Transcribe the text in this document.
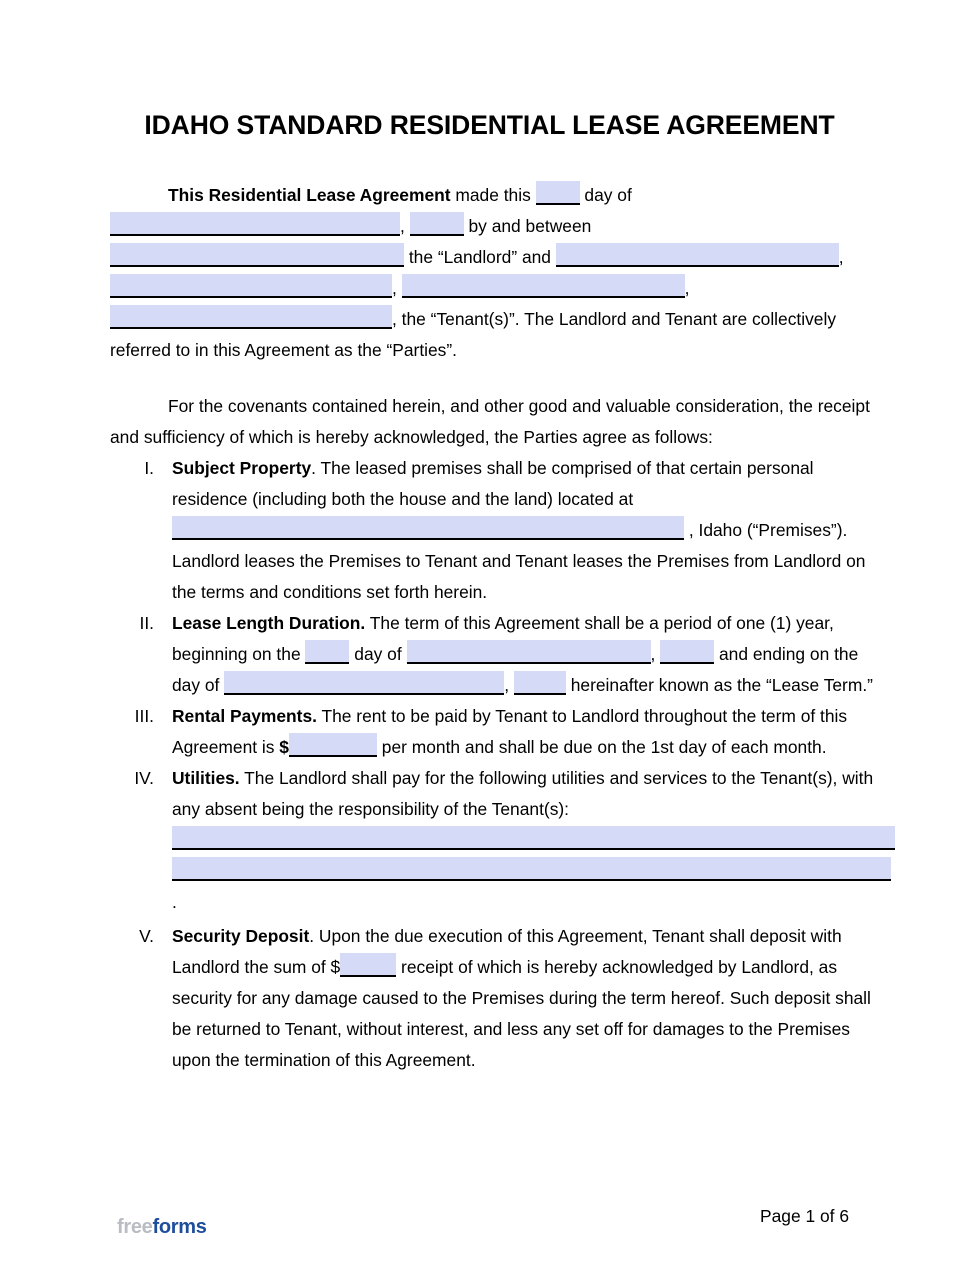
IDAHO STANDARD RESIDENTIAL LEASE AGREEMENT

This Residential Lease Agreement made this	day of ,	by and between  the “Landlord” and	, ,	, , the “Tenant(s)”. The Landlord and Tenant are collectively referred to in this Agreement as the “Parties”.

For the covenants contained herein, and other good and valuable consideration, the receipt and sufficiency of which is hereby acknowledged, the Parties agree as follows:

I. Subject Property. The leased premises shall be comprised of that certain personal residence (including both the house and the land) located at  , Idaho (“Premises”). Landlord leases the Premises to Tenant and Tenant leases the Premises from Landlord on the terms and conditions set forth herein.
II. Lease Length Duration. The term of this Agreement shall be a period of one (1) year, beginning on the	day of	,	and ending on the day of	,	hereinafter known as the “Lease Term.”
III. Rental Payments. The rent to be paid by Tenant to Landlord throughout the term of this Agreement is $	per month and shall be due on the 1st day of each month.
IV. Utilities. The Landlord shall pay for the following utilities and services to the Tenant(s), with any absent being the responsibility of the Tenant(s):

.
V. Security Deposit. Upon the due execution of this Agreement, Tenant shall deposit with Landlord the sum of $	receipt of which is hereby acknowledged by Landlord, as security for any damage caused to the Premises during the term hereof. Such deposit shall be returned to Tenant, without interest, and less any set off for damages to the Premises upon the termination of this Agreement.
freeforms	Page 1 of 6
